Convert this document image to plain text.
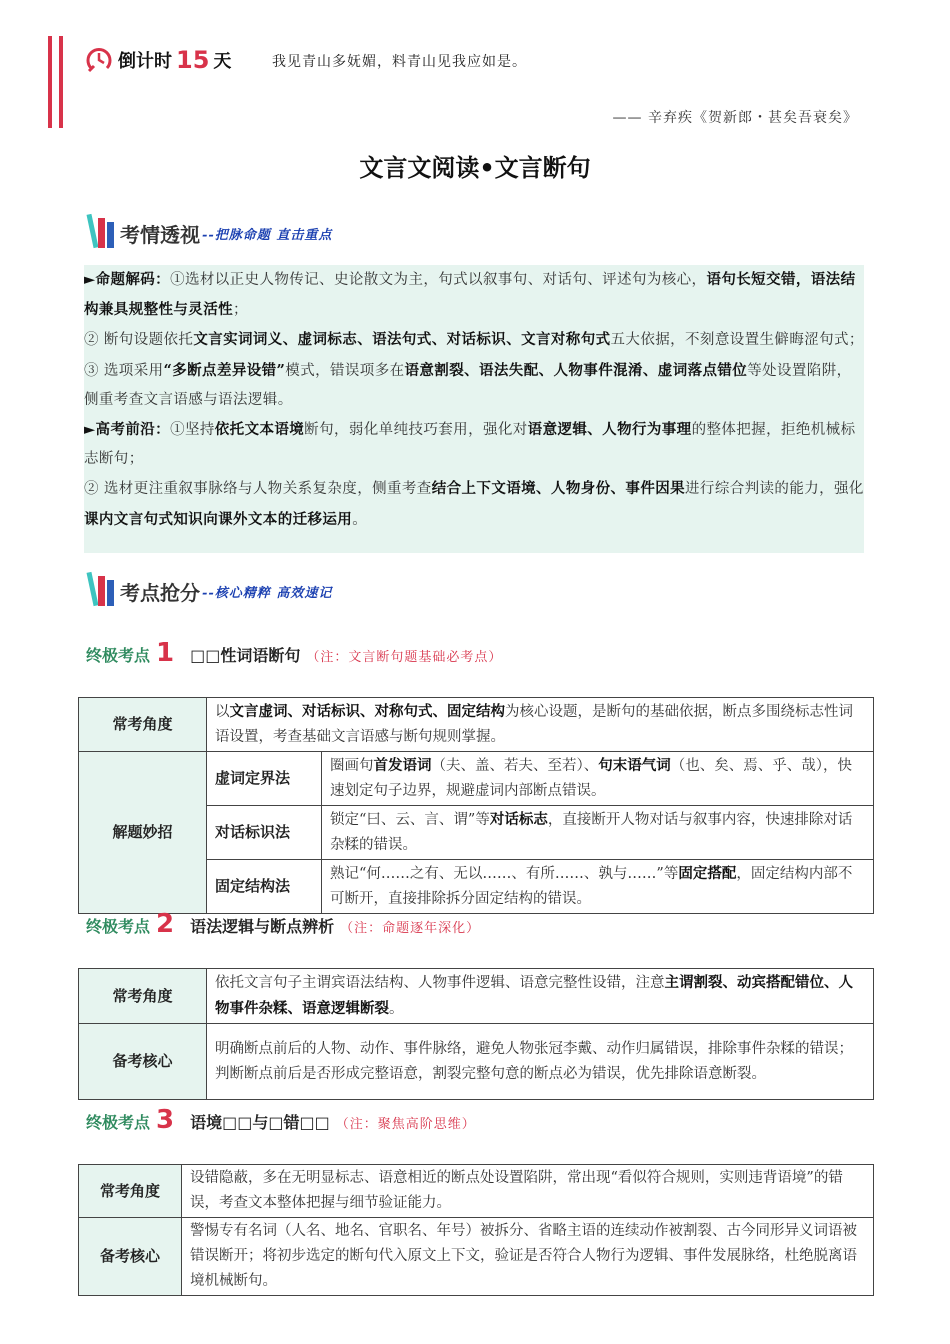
倒计时 15 天	我见青山多妩媚，料青山见我应如是。
—— 辛弃疾《贺新郎・甚矣吾衰矣》
文言文阅读•文言断句
考情透视 --把脉命题 直击重点

►命题解码：①选材以正史人物传记、史论散文为主，句式以叙事句、对话句、评述句为核心，语句长短交错，语法结构兼具规整性与灵活性；

② 断句设题依托文言实词词义、虚词标志、语法句式、对话标识、文言对称句式五大依据，不刻意设置生僻晦涩句式；

③ 选项采用“多断点差异设错”模式，错误项多在语意割裂、语法失配、人物事件混淆、虚词落点错位等处设置陷阱，侧重考查文言语感与语法逻辑。

►高考前沿：①坚持依托文本语境断句，弱化单纯技巧套用，强化对语意逻辑、人物行为事理的整体把握，拒绝机械标志断句；

② 选材更注重叙事脉络与人物关系复杂度，侧重考查结合上下文语境、人物身份、事件因果进行综合判读的能力，强化课内文言句式知识向课外文本的迁移运用。

考点抢分 --核心精粹 高效速记
终极考点 1 □□性词语断句 （注：文言断句题基础必考点）
常考角度	以文言虚词、对话标识、对称句式、固定结构为核心设题，是断句的基础依据，断点多围绕标志性词语设置，考查基础文言语感与断句规则掌握。	
解题妙招	虚词定界法	圈画句首发语词（夫、盖、若夫、至若）、句末语气词（也、矣、焉、乎、哉），快速划定句子边界，规避虚词内部断点错误。
	对话标识法	锁定“曰、云、言、谓”等对话标志，直接断开人物对话与叙事内容，快速排除对话杂糅的错误。
	固定结构法	熟记“何……之有、无以……、有所……、孰与……”等固定搭配，固定结构内部不可断开，直接排除拆分固定结构的错误。
终极考点 2 语法逻辑与断点辨析 （注：命题逐年深化）
常考角度	依托文言句子主谓宾语法结构、人物事件逻辑、语意完整性设错，注意主谓割裂、动宾搭配错位、人物事件杂糅、语意逻辑断裂。
备考核心	明确断点前后的人物、动作、事件脉络，避免人物张冠李戴、动作归属错误，排除事件杂糅的错误；判断断点前后是否形成完整语意，割裂完整句意的断点必为错误，优先排除语意断裂。
终极考点 3 语境□□与□错□□ （注：聚焦高阶思维）
常考角度	设错隐蔽，多在无明显标志、语意相近的断点处设置陷阱，常出现“看似符合规则，实则违背语境”的错误，考查文本整体把握与细节验证能力。
备考核心	警惕专有名词（人名、地名、官职名、年号）被拆分、省略主语的连续动作被割裂、古今同形异义词语被错误断开；将初步选定的断句代入原文上下文，验证是否符合人物行为逻辑、事件发展脉络，杜绝脱离语境机械断句。
